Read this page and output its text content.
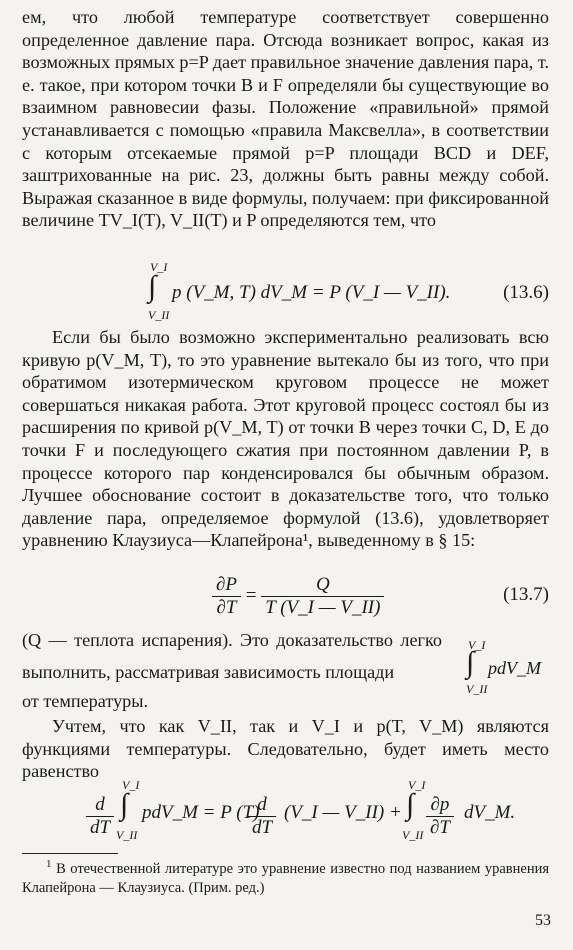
ем, что любой температуре соответствует совершенно определенное давление пара. Отсюда возникает вопрос, какая из возможных прямых p=P дает правильное значение давления пара, т. е. такое, при котором точки B и F определяли бы существующие во взаимном равновесии фазы. Положение «правильной» прямой устанавливается с помощью «правила Максвелла», в соответствии с которым отсекаемые прямой p=P площади BCD и DEF, заштрихованные на рис. 23, должны быть равны между собой. Выражая сказанное в виде формулы, получаем: при фиксированной величине TV_I(T), V_II(T) и P определяются тем, что

V_I
∫
V_II
p (V_M, T) dV_M = P (V_I — V_II).	(13.6)

Если бы было возможно экспериментально реализовать всю кривую p(V_M, T), то это уравнение вытекало бы из того, что при обратимом изотермическом круговом процессе не может совершаться никакая работа. Этот круговой процесс состоял бы из расширения по кривой p(V_M, T) от точки B через точки C, D, E до точки F и последующего сжатия при постоянном давлении P, в процессе которого пар конденсировался бы обычным образом. Лучшее обоснование состоит в доказательстве того, что только давление пара, определяемое формулой (13.6), удовлетворяет уравнению Клаузиуса—Клапейрона¹, выведенному в § 15:

$\frac{\partial P}{\partial T} = \frac{Q}{T (V\_I — V\_II)}$	(13.7)

(Q — теплота испарения). Это доказательство легко выполнить, рассматривая зависимость площади

V_I
∫
V_II
pdV_M

от температуры.

Учтем, что как V_II, так и V_I и p(T, V_M) являются функциями температуры. Следовательно, будет иметь место равенство

$\frac{d}{dT}$
V_I
∫
V_II
pdV_M = P (T)
$\frac{d}{dT}$ (V_I — V_II) +
V_I
∫
V_II $\frac{\partial p}{\partial T}$ dV_M.
$^1$ В отечественной литературе это уравнение известно под названием уравнения Клапейрона — Клаузиуса. (Прим. ред.)
53
